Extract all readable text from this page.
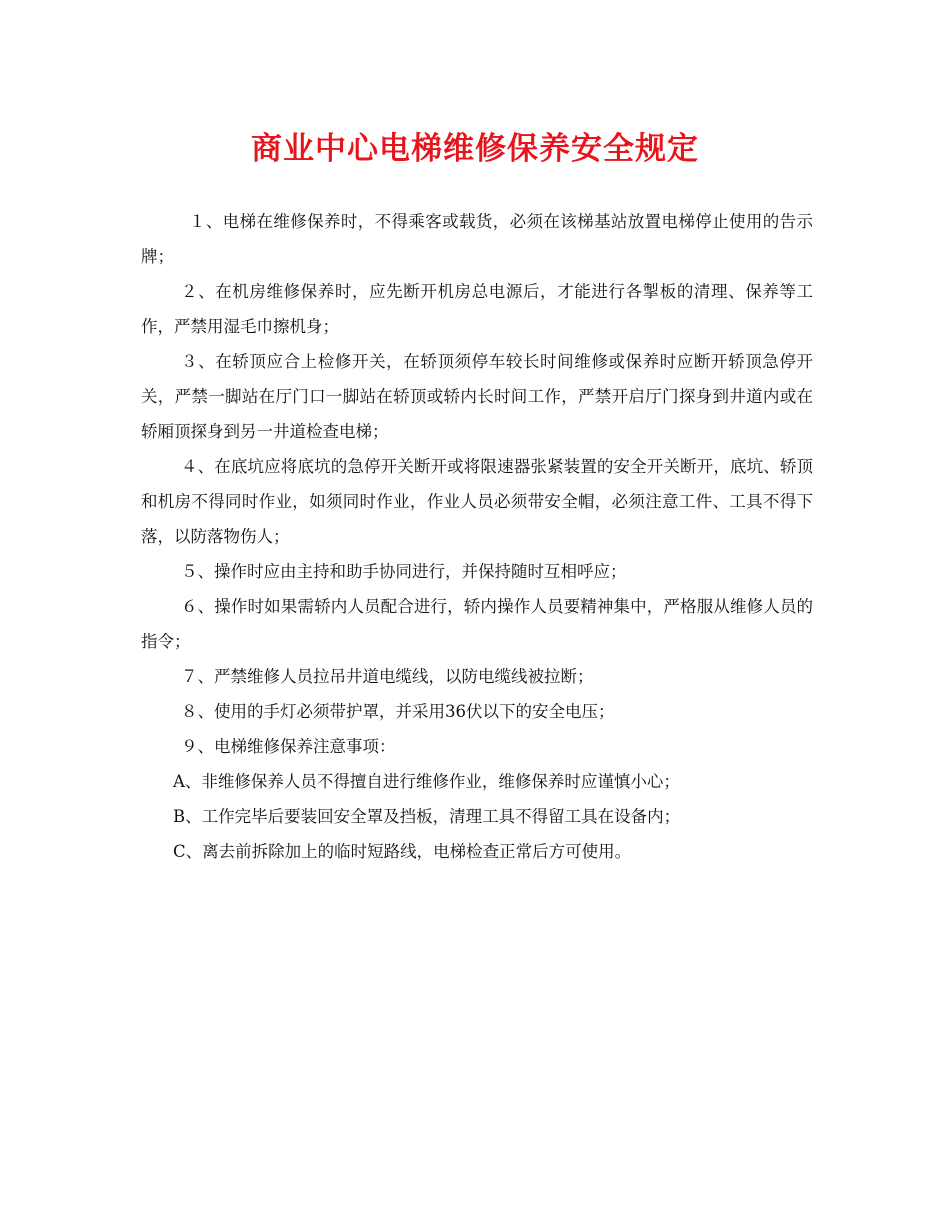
商业中心电梯维修保养安全规定

１、电梯在维修保养时，不得乘客或载货，必须在该梯基站放置电梯停止使用的告示牌；

２、在机房维修保养时，应先断开机房总电源后，才能进行各掣板的清理、保养等工作，严禁用湿毛巾擦机身；

３、在轿顶应合上检修开关，在轿顶须停车较长时间维修或保养时应断开轿顶急停开关，严禁一脚站在厅门口一脚站在轿顶或轿内长时间工作，严禁开启厅门探身到井道内或在轿厢顶探身到另一井道检查电梯；

４、在底坑应将底坑的急停开关断开或将限速器张紧装置的安全开关断开，底坑、轿顶和机房不得同时作业，如须同时作业，作业人员必须带安全帽，必须注意工件、工具不得下落，以防落物伤人；

５、操作时应由主持和助手协同进行，并保持随时互相呼应；

６、操作时如果需轿内人员配合进行，轿内操作人员要精神集中，严格服从维修人员的指令；

７、严禁维修人员拉吊井道电缆线，以防电缆线被拉断；

８、使用的手灯必须带护罩，并采用36伏以下的安全电压；

９、电梯维修保养注意事项：

A、非维修保养人员不得擅自进行维修作业，维修保养时应谨慎小心；

B、工作完毕后要装回安全罩及挡板，清理工具不得留工具在设备内；

C、离去前拆除加上的临时短路线，电梯检查正常后方可使用。
